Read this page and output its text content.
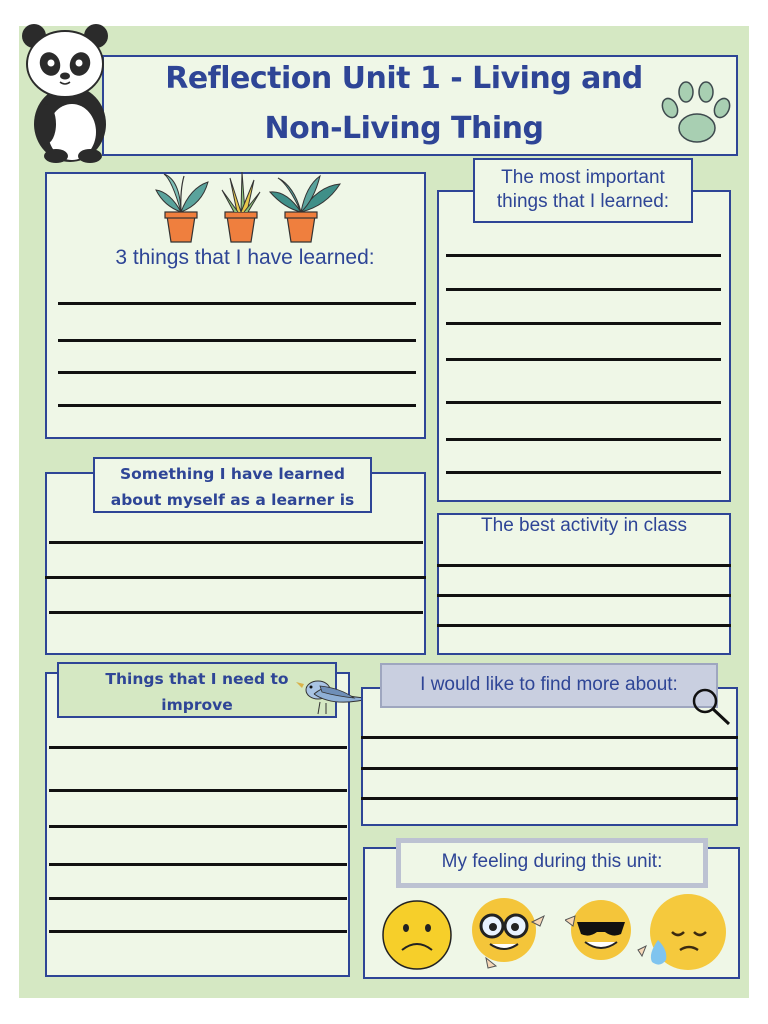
Reflection Unit 1 - Living and
Non-Living Thing
3 things that I have learned:
The most important
things that I learned:
Something I have learned
about myself as a learner is
The best activity in class
Things that I need to
improve
I would like to find more about:
My feeling during this unit:
